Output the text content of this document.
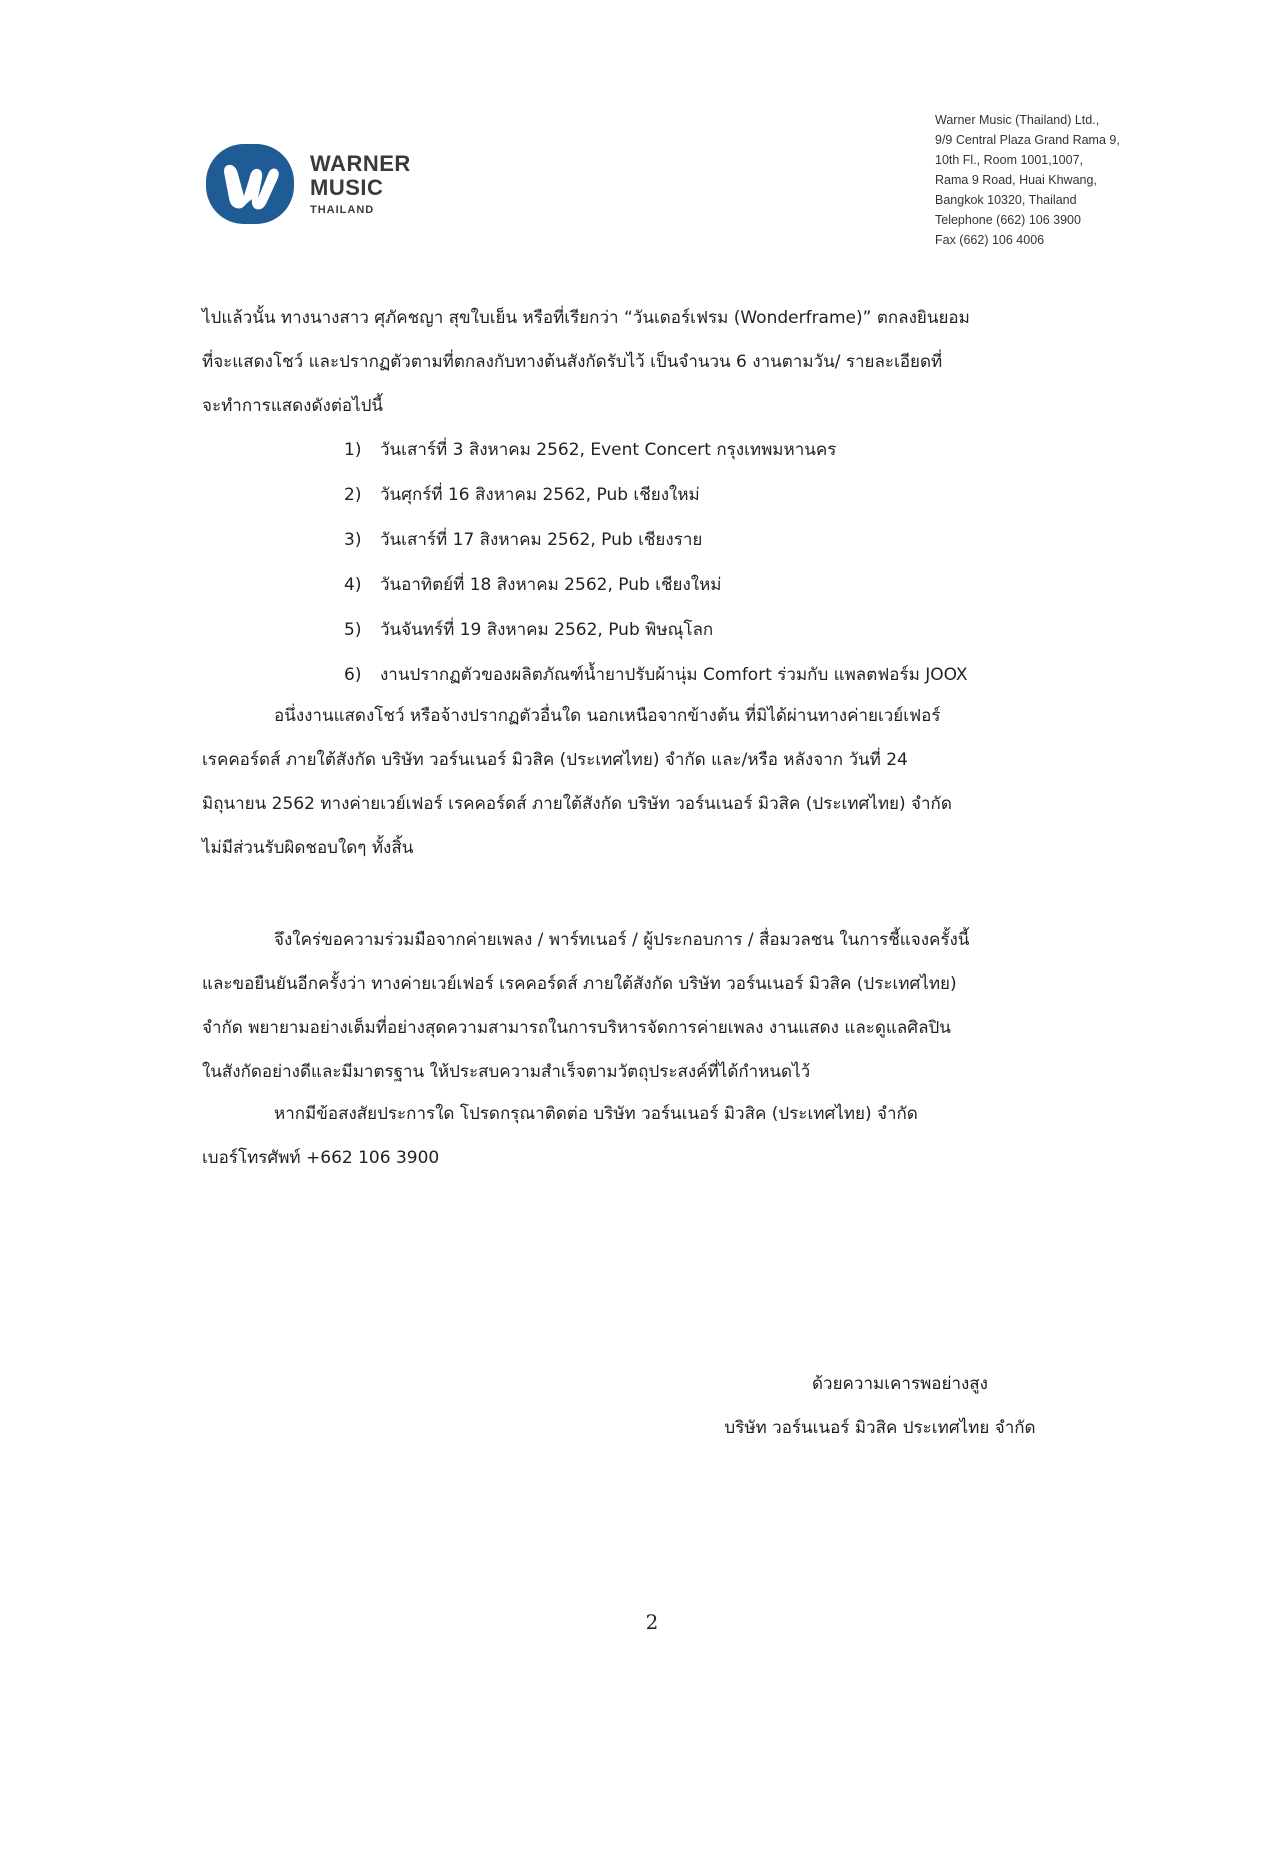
WARNER
MUSIC
THAILAND
Warner Music (Thailand) Ltd.,
9/9 Central Plaza Grand Rama 9,
10th Fl., Room 1001,1007,
Rama 9 Road, Huai Khwang,
Bangkok 10320, Thailand
Telephone (662) 106 3900
Fax (662) 106 4006
ไปแล้วนั้น ทางนางสาว ศุภัคชญา สุขใบเย็น หรือที่เรียกว่า “วันเดอร์เฟรม (Wonderframe)” ตกลงยินยอม
ที่จะแสดงโชว์ และปรากฏตัวตามที่ตกลงกับทางต้นสังกัดรับไว้ เป็นจำนวน 6 งานตามวัน/ รายละเอียดที่
จะทำการแสดงดังต่อไปนี้
1) วันเสาร์ที่ 3 สิงหาคม 2562, Event Concert กรุงเทพมหานคร
2) วันศุกร์ที่ 16 สิงหาคม 2562, Pub เชียงใหม่
3) วันเสาร์ที่ 17 สิงหาคม 2562, Pub เชียงราย
4) วันอาทิตย์ที่ 18 สิงหาคม 2562, Pub เชียงใหม่
5) วันจันทร์ที่ 19 สิงหาคม 2562, Pub พิษณุโลก
6) งานปรากฏตัวของผลิตภัณฑ์น้ำยาปรับผ้านุ่ม Comfort ร่วมกับ แพลตฟอร์ม JOOX
อนึ่งงานแสดงโชว์ หรือจ้างปรากฏตัวอื่นใด นอกเหนือจากข้างต้น ที่มิได้ผ่านทางค่ายเวย์เฟอร์
เรคคอร์ดส์ ภายใต้สังกัด บริษัท วอร์นเนอร์ มิวสิค (ประเทศไทย) จำกัด และ/หรือ หลังจาก วันที่ 24
มิถุนายน 2562 ทางค่ายเวย์เฟอร์ เรคคอร์ดส์ ภายใต้สังกัด บริษัท วอร์นเนอร์ มิวสิค (ประเทศไทย) จำกัด
ไม่มีส่วนรับผิดชอบใดๆ ทั้งสิ้น
จึงใคร่ขอความร่วมมือจากค่ายเพลง / พาร์ทเนอร์ / ผู้ประกอบการ / สื่อมวลชน ในการชี้แจงครั้งนี้
และขอยืนยันอีกครั้งว่า ทางค่ายเวย์เฟอร์ เรคคอร์ดส์ ภายใต้สังกัด บริษัท วอร์นเนอร์ มิวสิค (ประเทศไทย)
จำกัด พยายามอย่างเต็มที่อย่างสุดความสามารถในการบริหารจัดการค่ายเพลง งานแสดง และดูแลศิลปิน
ในสังกัดอย่างดีและมีมาตรฐาน ให้ประสบความสำเร็จตามวัตถุประสงค์ที่ได้กำหนดไว้
หากมีข้อสงสัยประการใด โปรดกรุณาติดต่อ บริษัท วอร์นเนอร์ มิวสิค (ประเทศไทย) จำกัด
เบอร์โทรศัพท์ +662 106 3900
ด้วยความเคารพอย่างสูง
บริษัท วอร์นเนอร์ มิวสิค ประเทศไทย จำกัด
2
